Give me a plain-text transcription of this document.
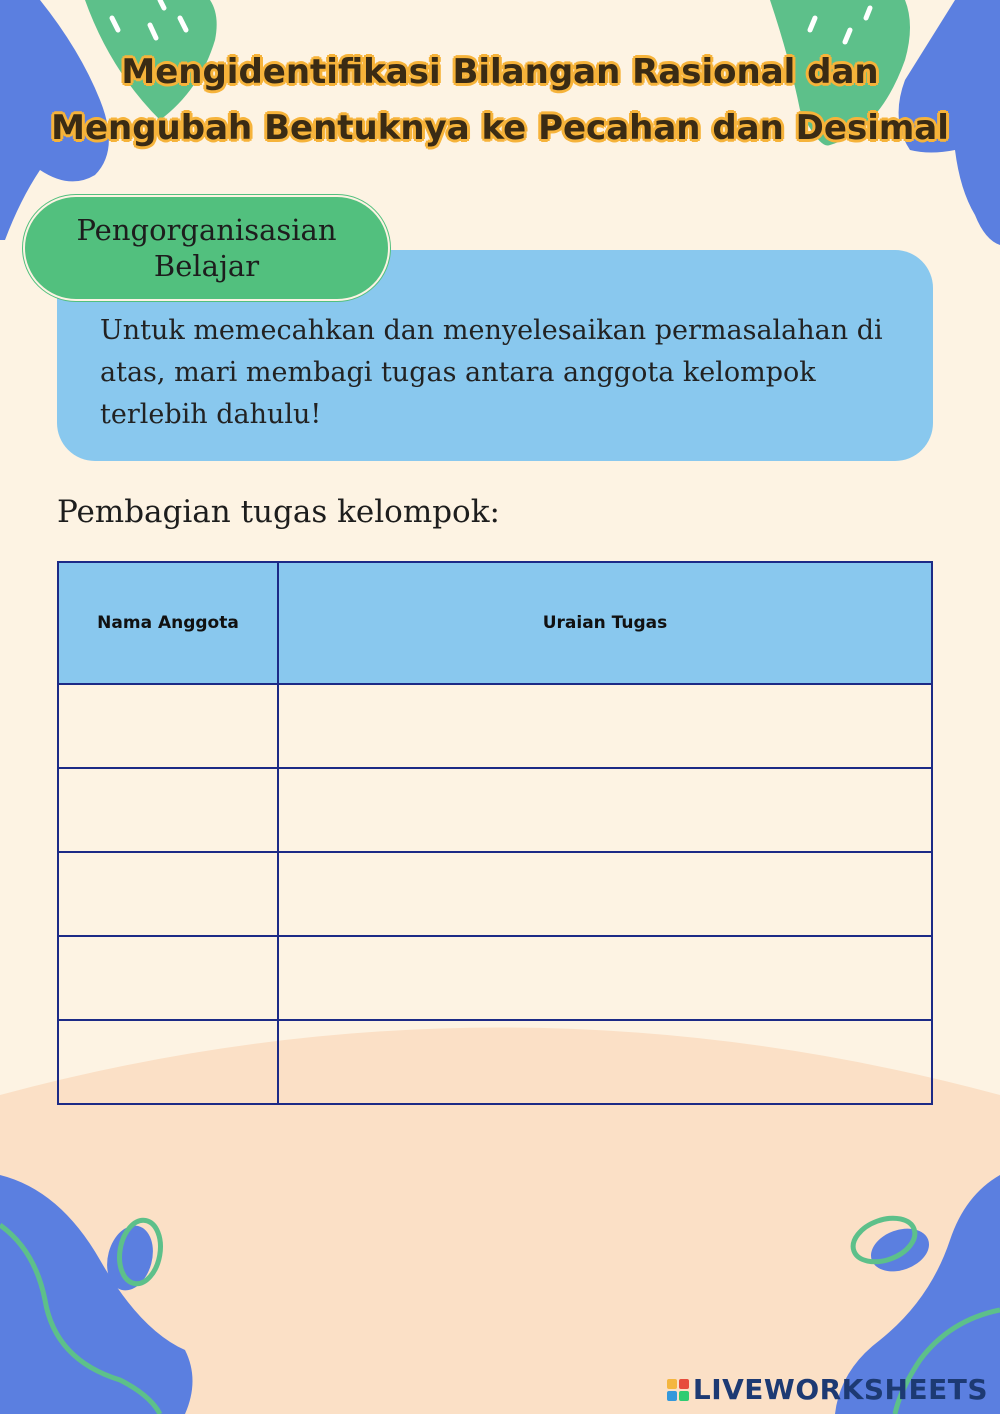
Mengidentifikasi Bilangan Rasional dan Mengubah Bentuknya ke Pecahan dan Desimal
Untuk memecahkan dan menyelesaikan permasalahan di atas, mari membagi tugas antara anggota kelompok terlebih dahulu!
Pengorganisasian Belajar
Pembagian tugas kelompok:
Nama Anggota	Uraian Tugas

LIVEWORKSHEETS
